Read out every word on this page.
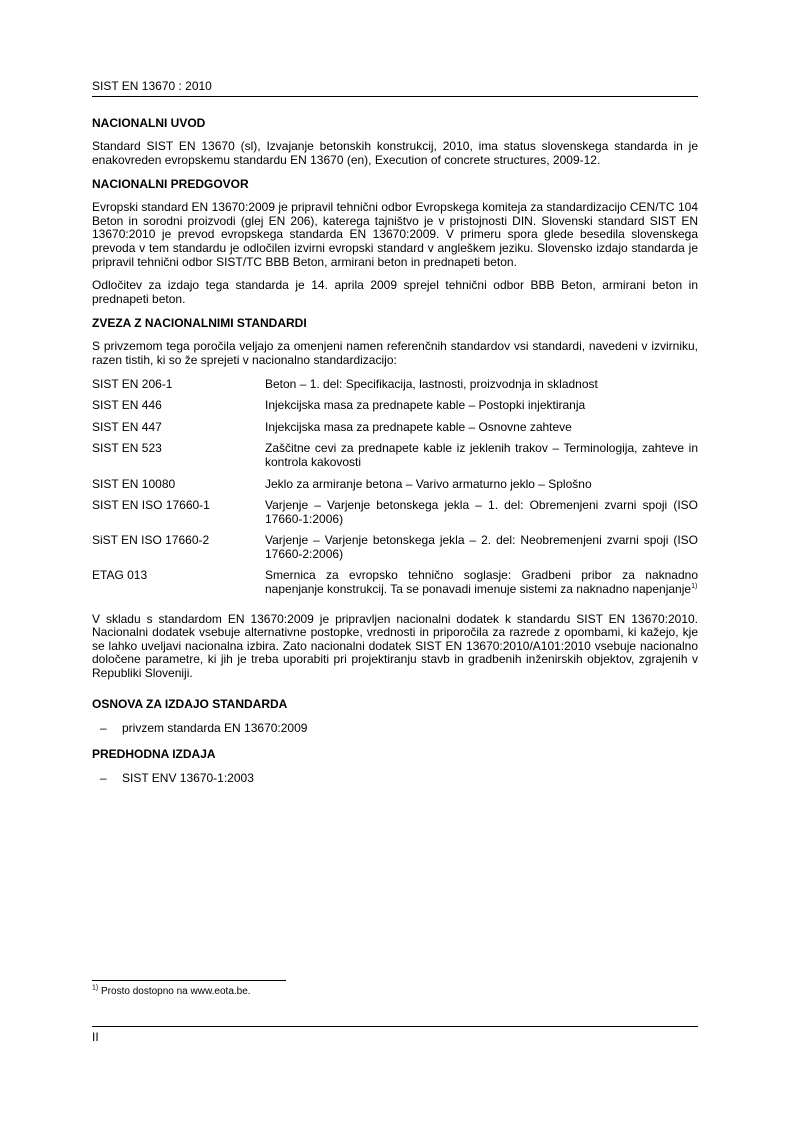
SIST EN 13670 : 2010
NACIONALNI UVOD

Standard SIST EN 13670 (sl), Izvajanje betonskih konstrukcij, 2010, ima status slovenskega standarda in je enakovreden evropskemu standardu EN 13670 (en), Execution of concrete structures, 2009-12.

NACIONALNI PREDGOVOR

Evropski standard EN 13670:2009 je pripravil tehnični odbor Evropskega komiteja za standardizacijo CEN/TC 104 Beton in sorodni proizvodi (glej EN 206), katerega tajništvo je v pristojnosti DIN. Slovenski standard SIST EN 13670:2010 je prevod evropskega standarda EN 13670:2009. V primeru spora glede besedila slovenskega prevoda v tem standardu je odločilen izvirni evropski standard v angleškem jeziku. Slovensko izdajo standarda je pripravil tehnični odbor SIST/TC BBB Beton, armirani beton in prednapeti beton.

Odločitev za izdajo tega standarda je 14. aprila 2009 sprejel tehnični odbor BBB Beton, armirani beton in prednapeti beton.

ZVEZA Z NACIONALNIMI STANDARDI

S privzemom tega poročila veljajo za omenjeni namen referenčnih standardov vsi standardi, navedeni v izvirniku, razen tistih, ki so že sprejeti v nacionalno standardizacijo:

SIST EN 206-1	Beton – 1. del: Specifikacija, lastnosti, proizvodnja in skladnost
SIST EN 446	Injekcijska masa za prednapete kable – Postopki injektiranja
SIST EN 447	Injekcijska masa za prednapete kable – Osnovne zahteve
SIST EN 523	Zaščitne cevi za prednapete kable iz jeklenih trakov – Terminologija, zahteve in kontrola kakovosti
SIST EN 10080	Jeklo za armiranje betona – Varivo armaturno jeklo – Splošno
SIST EN ISO 17660-1	Varjenje – Varjenje betonskega jekla – 1. del: Obremenjeni zvarni spoji (ISO 17660-1:2006)
SiST EN ISO 17660-2	Varjenje – Varjenje betonskega jekla – 2. del: Neobremenjeni zvarni spoji (ISO 17660-2:2006)
ETAG 013	Smernica za evropsko tehnično soglasje: Gradbeni pribor za naknadno napenjanje konstrukcij. Ta se ponavadi imenuje sistemi za naknadno napenjanje$^{1)}$

V skladu s standardom EN 13670:2009 je pripravljen nacionalni dodatek k standardu SIST EN 13670:2010. Nacionalni dodatek vsebuje alternativne postopke, vrednosti in priporočila za razrede z opombami, ki kažejo, kje se lahko uveljavi nacionalna izbira. Zato nacionalni dodatek SIST EN 13670:2010/A101:2010 vsebuje nacionalno določene parametre, ki jih je treba uporabiti pri projektiranju stavb in gradbenih inženirskih objektov, zgrajenih v Republiki Sloveniji.

OSNOVA ZA IZDAJO STANDARDA
– privzem standarda EN 13670:2009
PREDHODNA IZDAJA
– SIST ENV 13670-1:2003
$^{1)}$ Prosto dostopno na www.eota.be.
II
